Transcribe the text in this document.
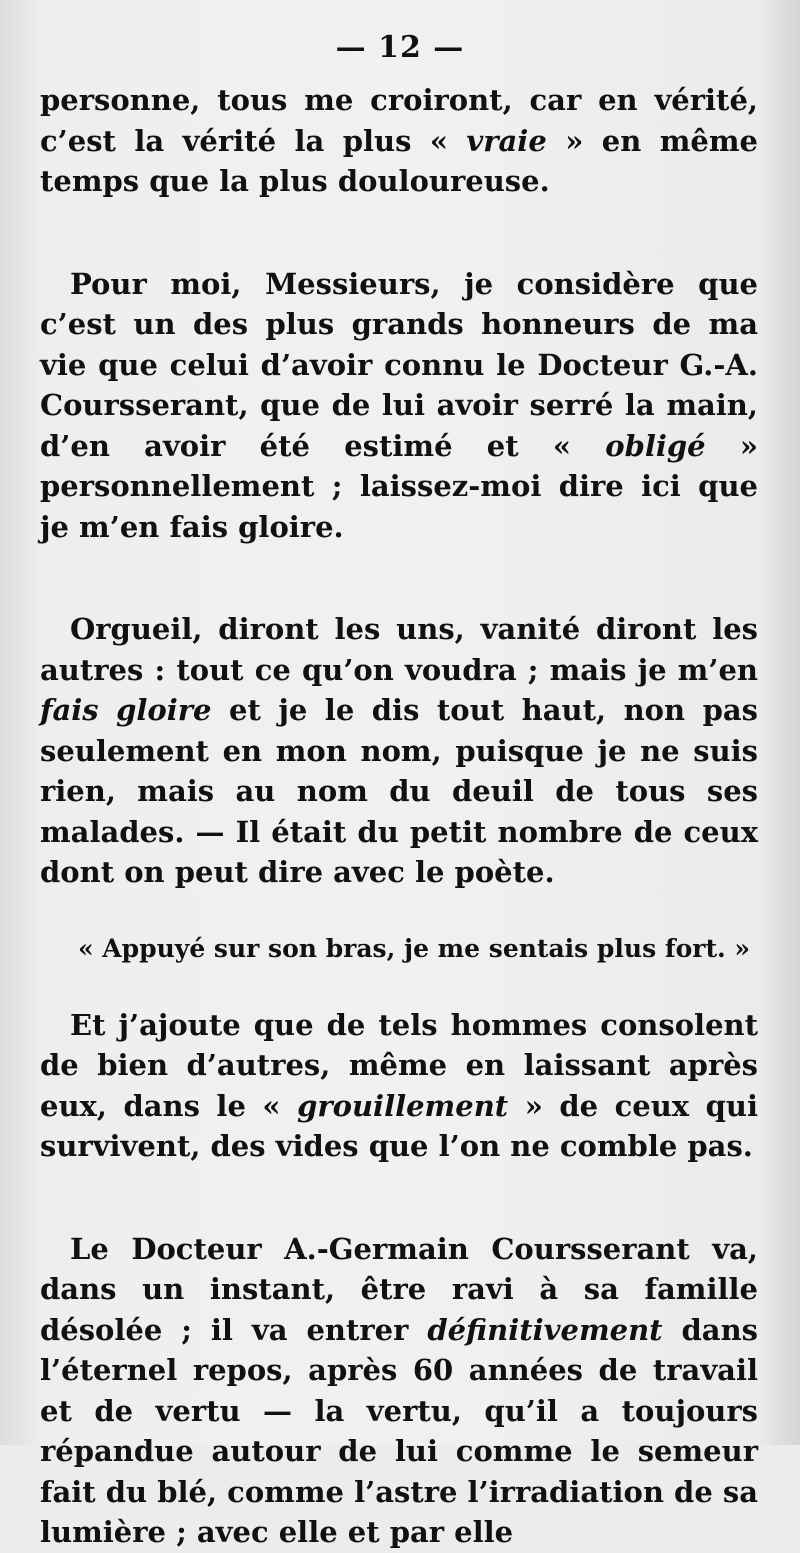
— 12 —

personne, tous me croiront, car en vérité, c’est la vérité la plus « vraie » en même temps que la plus douloureuse.

Pour moi, Messieurs, je considère que c’est un des plus grands honneurs de ma vie que celui d’avoir connu le Docteur G.-A. Coursserant, que de lui avoir serré la main, d’en avoir été estimé et « obligé » personnellement ; laissez-moi dire ici que je m’en fais gloire.

Orgueil, diront les uns, vanité diront les autres : tout ce qu’on voudra ; mais je m’en fais gloire et je le dis tout haut, non pas seulement en mon nom, puisque je ne suis rien, mais au nom du deuil de tous ses malades. — Il était du petit nombre de ceux dont on peut dire avec le poète.

« Appuyé sur son bras, je me sentais plus fort. »

Et j’ajoute que de tels hommes consolent de bien d’autres, même en laissant après eux, dans le « grouillement » de ceux qui survivent, des vides que l’on ne comble pas.

Le Docteur A.-Germain Coursserant va, dans un instant, être ravi à sa famille désolée ; il va entrer définitivement dans l’éternel repos, après 60 années de travail et de vertu — la vertu, qu’il a toujours répandue autour de lui comme le semeur fait du blé, comme l’astre l’irradiation de sa lumière ; avec elle et par elle
